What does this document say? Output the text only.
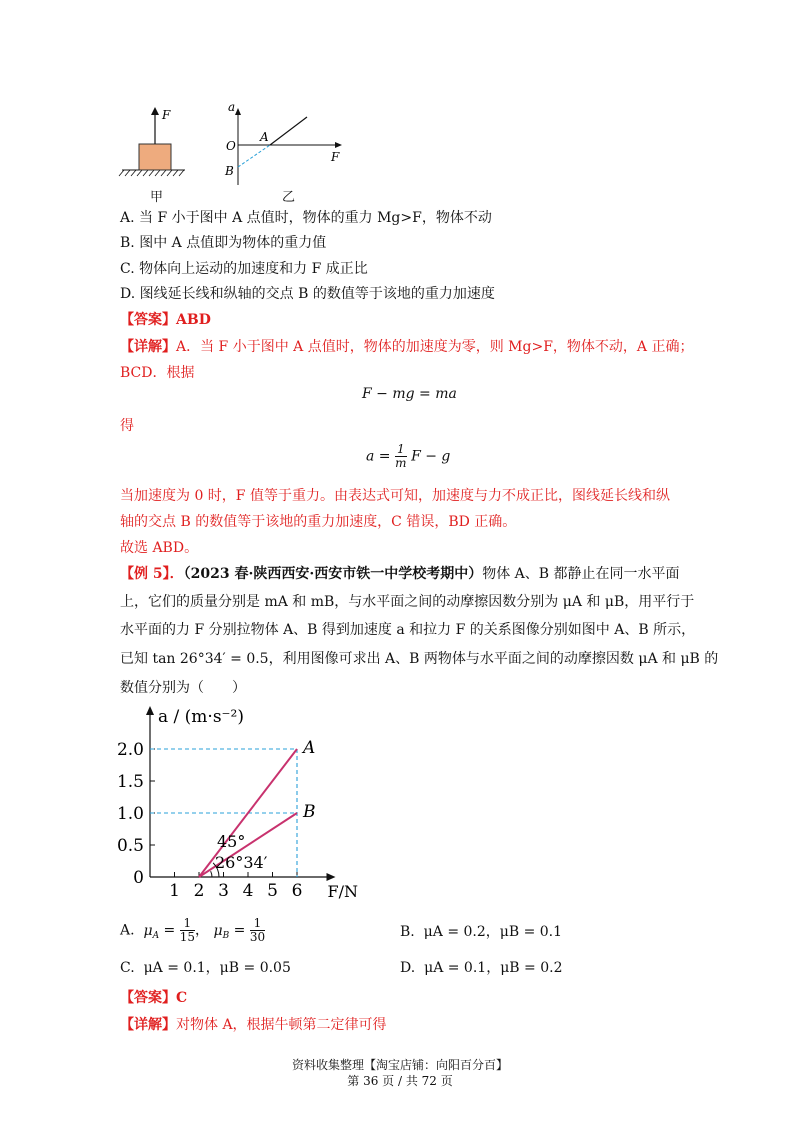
F
a
F
O
A
B
甲	乙
A. 当 F 小于图中 A 点值时，物体的重力 Mg>F，物体不动
B. 图中 A 点值即为物体的重力值
C. 物体向上运动的加速度和力 F 成正比
D. 图线延长线和纵轴的交点 B 的数值等于该地的重力加速度
【答案】ABD
【详解】A．当 F 小于图中 A 点值时，物体的加速度为零，则 Mg>F，物体不动，A 正确；
BCD．根据
F − mg = ma
得
$a = \frac{1}{m}$ F − g
当加速度为 0 时，F 值等于重力。由表达式可知，加速度与力不成正比，图线延长线和纵
轴的交点 B 的数值等于该地的重力加速度，C 错误，BD 正确。
故选 ABD。
【例 5】．（2023 春·陕西西安·西安市铁一中学校考期中）物体 A、B 都静止在同一水平面
上，它们的质量分别是 mA 和 mB，与水平面之间的动摩擦因数分别为 μA 和 μB，用平行于
水平面的力 F 分别拉物体 A、B 得到加速度 a 和拉力 F 的关系图像分别如图中 A、B 所示，
已知 tan 26°34′ = 0.5，利用图像可求出 A、B 两物体与水平面之间的动摩擦因数 μA 和 μB 的
数值分别为（　　）
a / (m·s⁻²)
F/N
0
0.5
1.0
1.5
2.0
1 2 3 4 5 6
A
B
45°
26°34′
A. $\mu_A = \frac{1}{15}$ ， $\mu_B = \frac{1}{30}$	B. μA = 0.2，μB = 0.1
C. μA = 0.1，μB = 0.05	D. μA = 0.1，μB = 0.2
【答案】C
【详解】对物体 A，根据牛顿第二定律可得
资料收集整理【淘宝店铺：向阳百分百】
第 36 页 / 共 72 页
